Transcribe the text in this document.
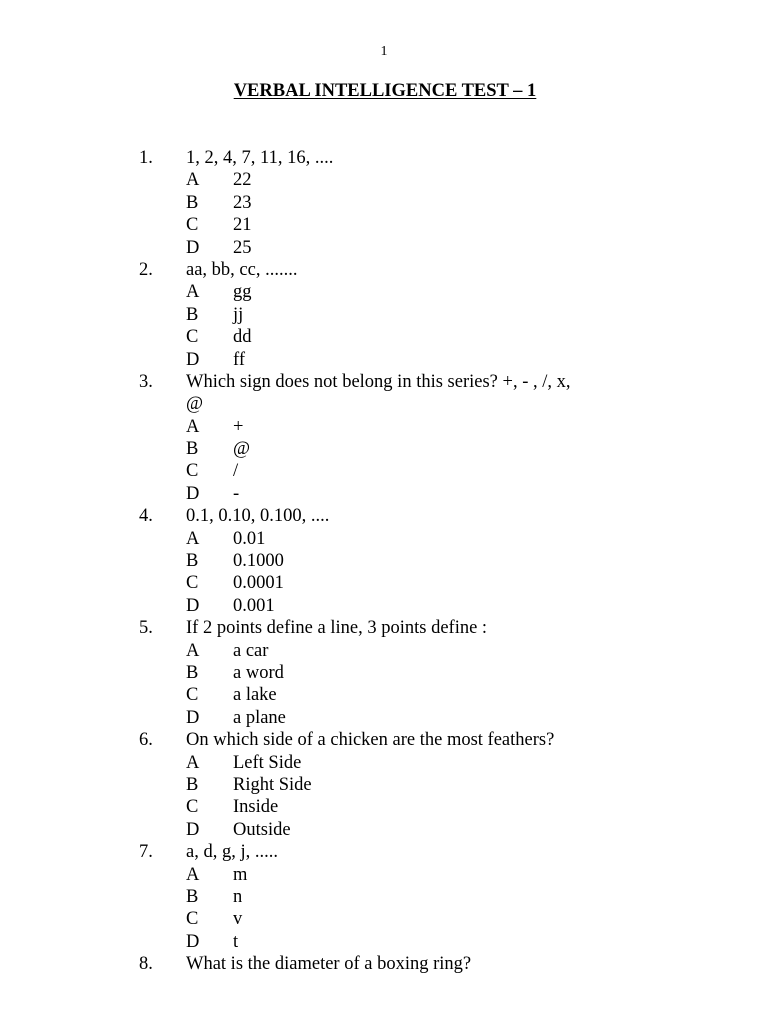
1
VERBAL INTELLIGENCE TEST – 1
1. 1, 2, 4, 7, 11, 16, ....
A 22
B 23
C 21
D 25
2. aa, bb, cc, .......
A gg
B jj
C dd
D ff
3. Which sign does not belong in this series? +, - , /, x,
@
A +
B @
C /
D -
4. 0.1, 0.10, 0.100, ....
A 0.01
B 0.1000
C 0.0001
D 0.001
5. If 2 points define a line, 3 points define :
A a car
B a word
C a lake
D a plane
6. On which side of a chicken are the most feathers?
A Left Side
B Right Side
C Inside
D Outside
7. a, d, g, j, .....
A m
B n
C v
D t
8. What is the diameter of a boxing ring?
